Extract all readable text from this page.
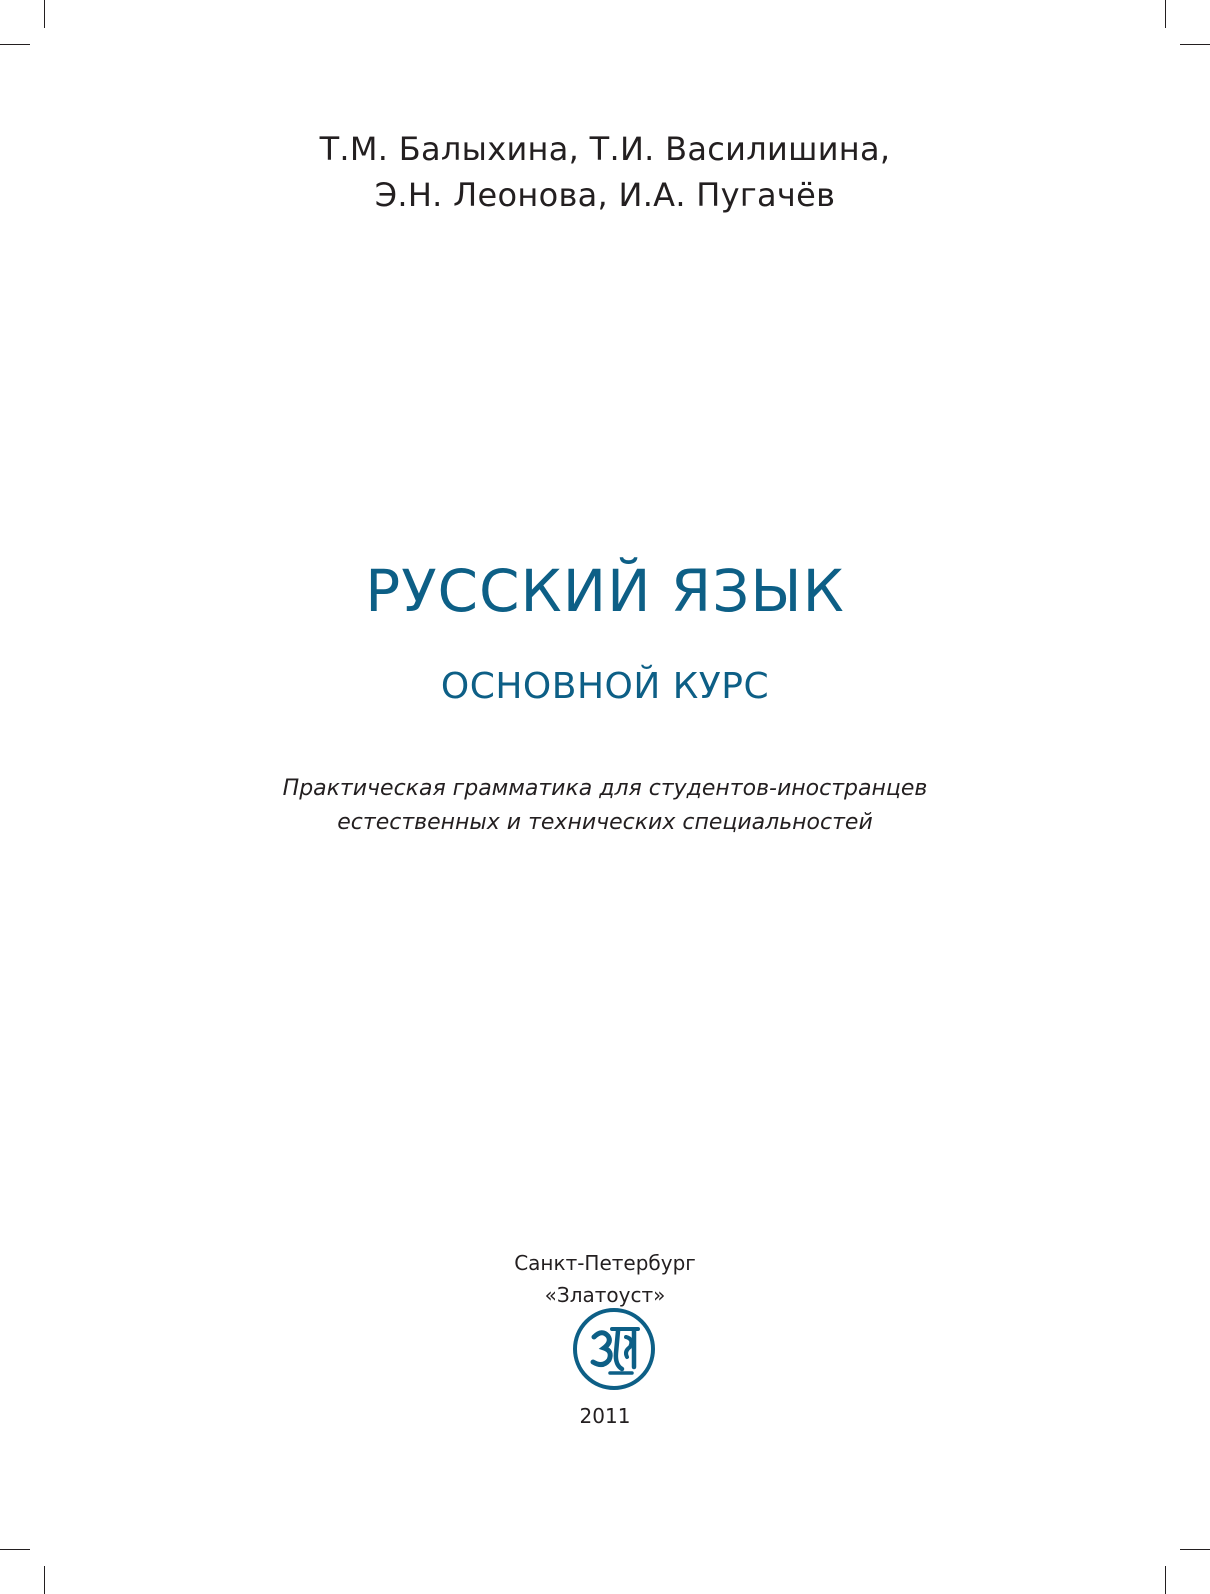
Т.М. Балыхина, Т.И. Василишина,
Э.Н. Леонова, И.А. Пугачёв
РУССКИЙ ЯЗЫК
ОСНОВНОЙ КУРС
Практическая грамматика для студентов-иностранцев
естественных и технических специальностей
Санкт-Петербург
«Златоуст»
2011
